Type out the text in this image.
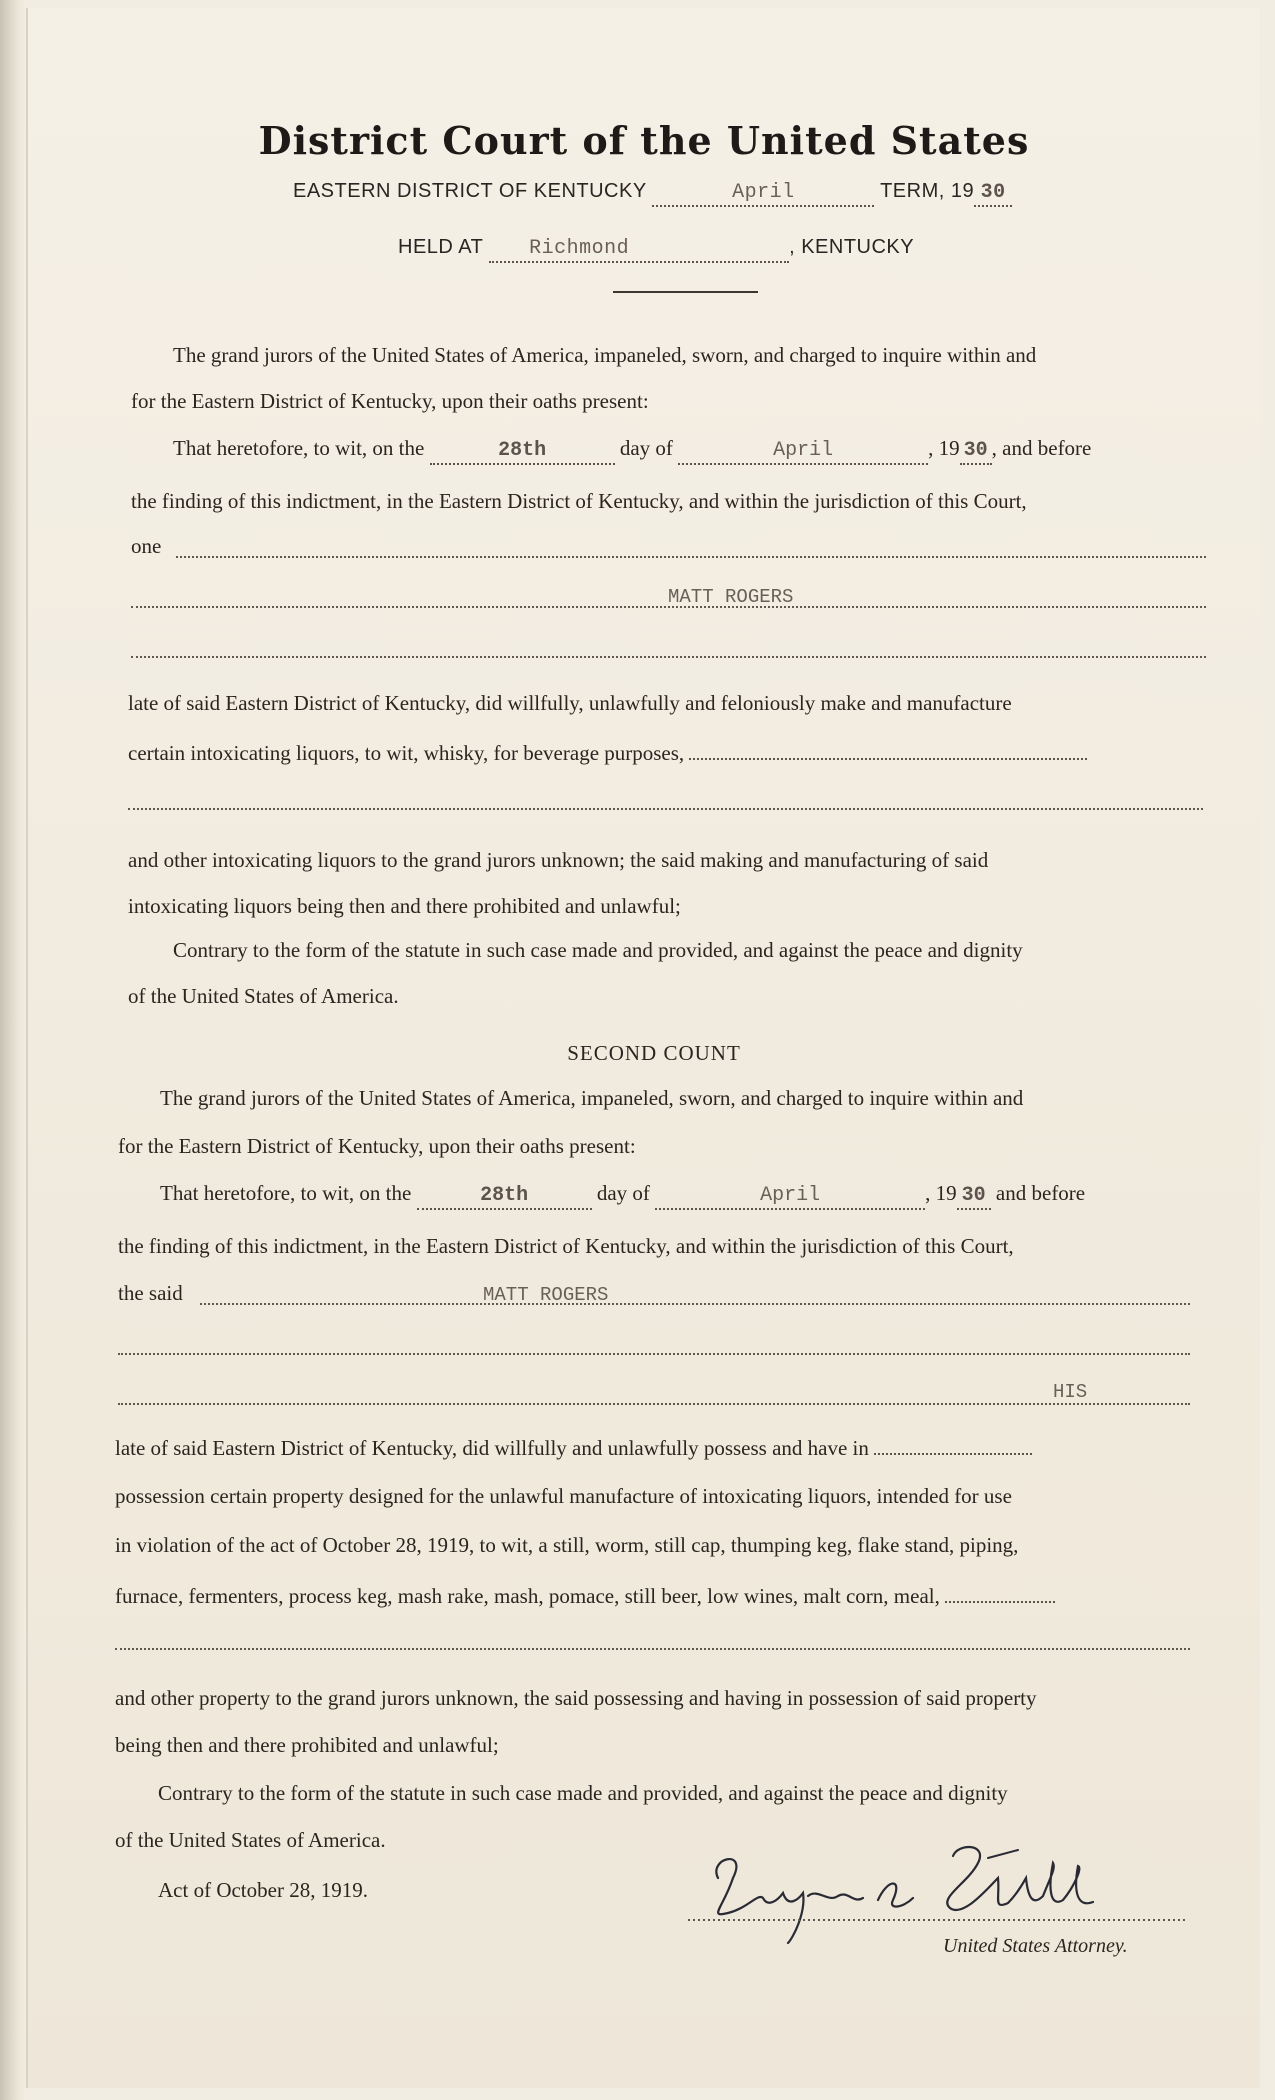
District Court of the United States
EASTERN DISTRICT OF KENTUCKY	April	TERM, 19 30
HELD AT Richmond	, KENTUCKY
The grand jurors of the United States of America, impaneled, sworn, and charged to inquire within and
for the Eastern District of Kentucky, upon their oaths present:
That heretofore, to wit, on the	28th	day of	April	, 19 30 , and before
the finding of this indictment, in the Eastern District of Kentucky, and within the jurisdiction of this Court,
one
MATT ROGERS
late of said Eastern District of Kentucky, did willfully, unlawfully and feloniously make and manufacture
certain intoxicating liquors, to wit, whisky, for beverage purposes,
and other intoxicating liquors to the grand jurors unknown; the said making and manufacturing of said
intoxicating liquors being then and there prohibited and unlawful;
Contrary to the form of the statute in such case made and provided, and against the peace and dignity
of the United States of America.
SECOND COUNT
The grand jurors of the United States of America, impaneled, sworn, and charged to inquire within and
for the Eastern District of Kentucky, upon their oaths present:
That heretofore, to wit, on the	28th	day of	April	, 19 30 and before
the finding of this indictment, in the Eastern District of Kentucky, and within the jurisdiction of this Court,
the said	MATT ROGERS
HIS
late of said Eastern District of Kentucky, did willfully and unlawfully possess and have in
possession certain property designed for the unlawful manufacture of intoxicating liquors, intended for use
in violation of the act of October 28, 1919, to wit, a still, worm, still cap, thumping keg, flake stand, piping,
furnace, fermenters, process keg, mash rake, mash, pomace, still beer, low wines, malt corn, meal,
and other property to the grand jurors unknown, the said possessing and having in possession of said property
being then and there prohibited and unlawful;
Contrary to the form of the statute in such case made and provided, and against the peace and dignity
of the United States of America.
Act of October 28, 1919.
United States Attorney.
